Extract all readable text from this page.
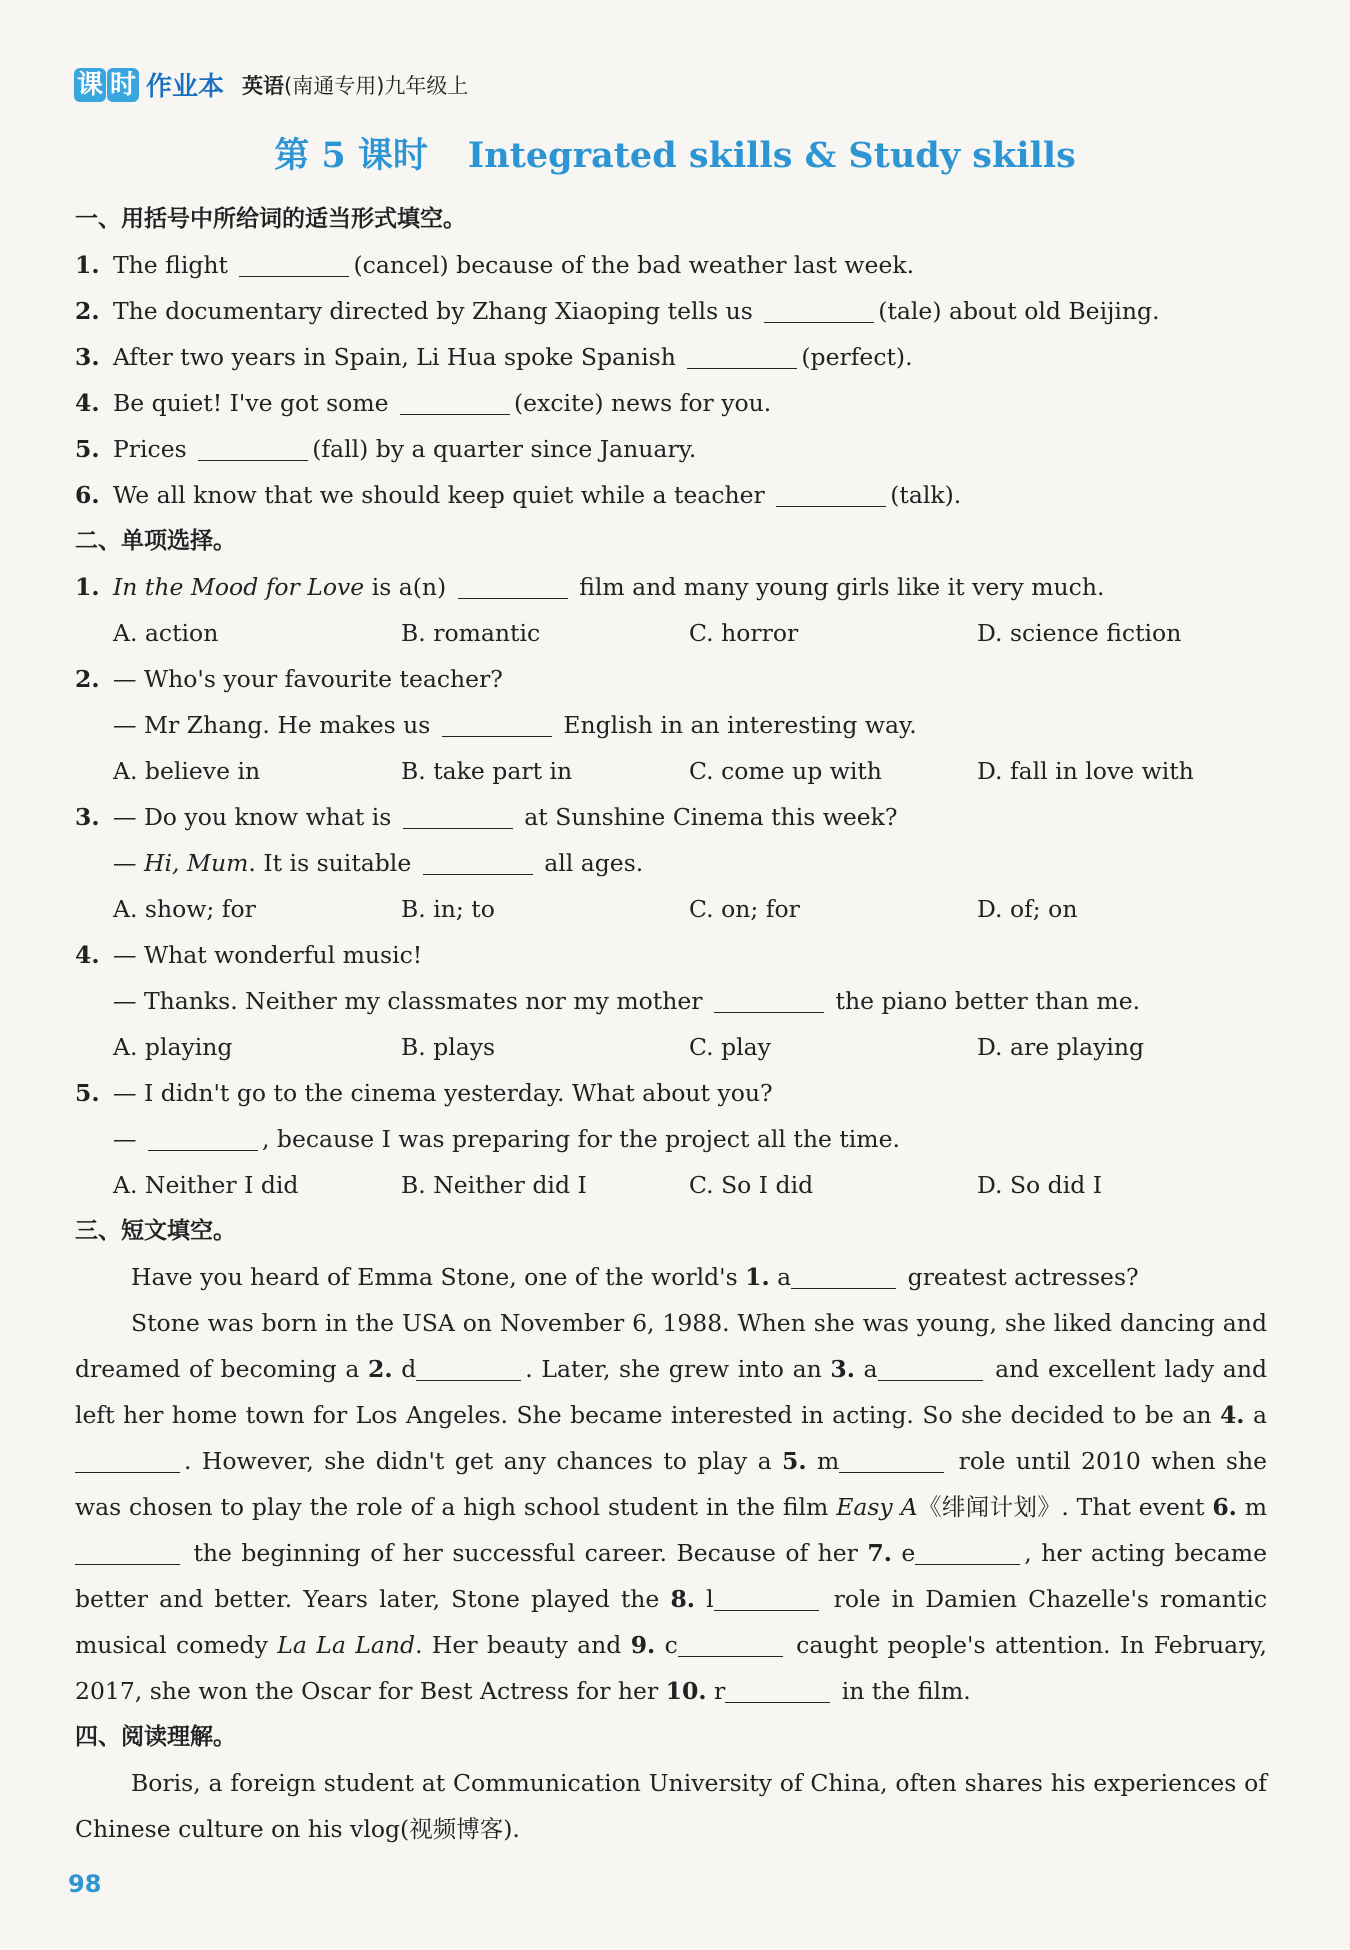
课 时 作业本 英语(南通专用)九年级上
第 5 课时 Integrated skills & Study skills
一、用括号中所给词的适当形式填空。
1. The flight	(cancel) because of the bad weather last week.
2. The documentary directed by Zhang Xiaoping tells us	(tale) about old Beijing.
3. After two years in Spain, Li Hua spoke Spanish	(perfect).
4. Be quiet! I've got some	(excite) news for you.
5. Prices	(fall) by a quarter since January.
6. We all know that we should keep quiet while a teacher	(talk).
二、单项选择。
1. In the Mood for Love is a(n)	film and many young girls like it very much.
A. action	B. romantic	C. horror	D. science fiction
2. — Who's your favourite teacher?
— Mr Zhang. He makes us	English in an interesting way.
A. believe in	B. take part in	C. come up with	D. fall in love with
3. — Do you know what is	at Sunshine Cinema this week?
— Hi, Mum. It is suitable	all ages.
A. show; for	B. in; to	C. on; for	D. of; on
4. — What wonderful music!
— Thanks. Neither my classmates nor my mother	the piano better than me.
A. playing	B. plays	C. play	D. are playing
5. — I didn't go to the cinema yesterday. What about you?
—	, because I was preparing for the project all the time.
A. Neither I did	B. Neither did I	C. So I did	D. So did I
三、短文填空。

Have you heard of Emma Stone, one of the world's 1. a	greatest actresses?

Stone was born in the USA on November 6, 1988. When she was young, she liked dancing and dreamed of becoming a 2. d	. Later, she grew into an 3. a	and excellent lady and left her home town for Los Angeles. She became interested in acting. So she decided to be an 4. a. However, she didn't get any chances to play a 5. m	role until 2010 when she was chosen to play the role of a high school student in the film Easy A《绯闻计划》. That event 6. m the beginning of her successful career. Because of her 7. e	, her acting became better and better. Years later, Stone played the 8. l	role in Damien Chazelle's romantic musical comedy La La Land. Her beauty and 9. c	caught people's attention. In February, 2017, she won the Oscar for Best Actress for her 10. r	in the film.

四、阅读理解。

Boris, a foreign student at Communication University of China, often shares his experiences of Chinese culture on his vlog(视频博客).

98
